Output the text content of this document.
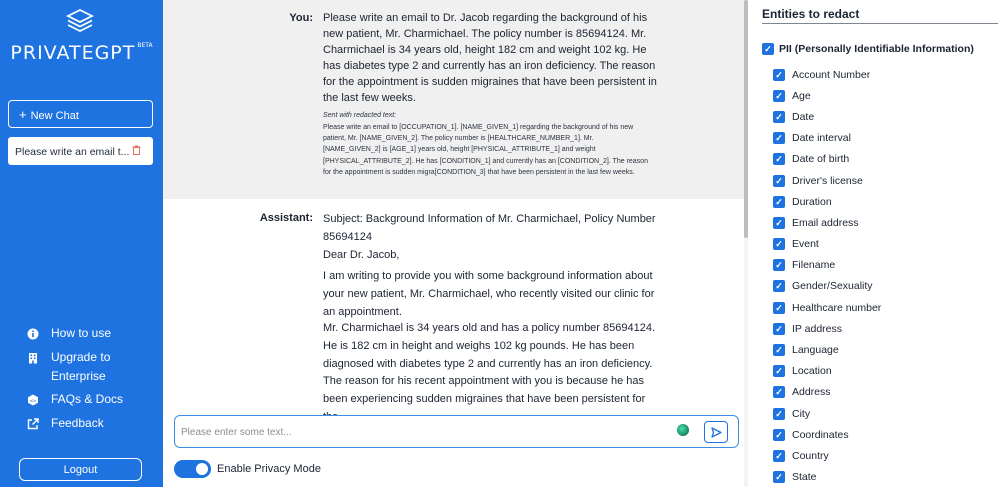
PRIVATEGPT $^{BETA}$
+ New Chat
Please write an email t...
How to use
Upgrade to Enterprise
<> FAQs & Docs
Feedback
Logout
You: Please write an email to Dr. Jacob regarding the background of his new patient, Mr. Charmichael. The policy number is 85694124. Mr. Charmichael is 34 years old, height 182 cm and weight 102 kg. He has diabetes type 2 and currently has an iron deficiency. The reason for the appointment is sudden migraines that have been persistent in the last few weeks.
Sent with redacted text:
Please write an email to [OCCUPATION_1]. [NAME_GIVEN_1] regarding the background of his new patient, Mr. [NAME_GIVEN_2]. The policy number is [HEALTHCARE_NUMBER_1]. Mr. [NAME_GIVEN_2] is [AGE_1] years old, height [PHYSICAL_ATTRIBUTE_1] and weight [PHYSICAL_ATTRIBUTE_2]. He has [CONDITION_1] and currently has an [CONDITION_2]. The reason for the appointment is sudden migra[CONDITION_3] that have been persistent in the last few weeks.
Assistant: Subject: Background Information of Mr. Charmichael, Policy Number 85694124
Dear Dr. Jacob,
I am writing to provide you with some background information about your new patient, Mr. Charmichael, who recently visited our clinic for an appointment.
Mr. Charmichael is 34 years old and has a policy number 85694124. He is 182 cm in height and weighs 102 kg pounds. He has been diagnosed with diabetes type 2 and currently has an iron deficiency.
The reason for his recent appointment with you is because he has been experiencing sudden migraines that have been persistent for
Please enter some text...
Enable Privacy Mode
Entities to redact
✓ PII (Personally Identifiable Information)
✓ Account Number
✓ Age
✓ Date
✓ Date interval
✓ Date of birth
✓ Driver's license
✓ Duration
✓ Email address
✓ Event
✓ Filename
✓ Gender/Sexuality
✓ Healthcare number
✓ IP address
✓ Language
✓ Location
✓ Address
✓ City
✓ Coordinates
✓ Country
✓ State
